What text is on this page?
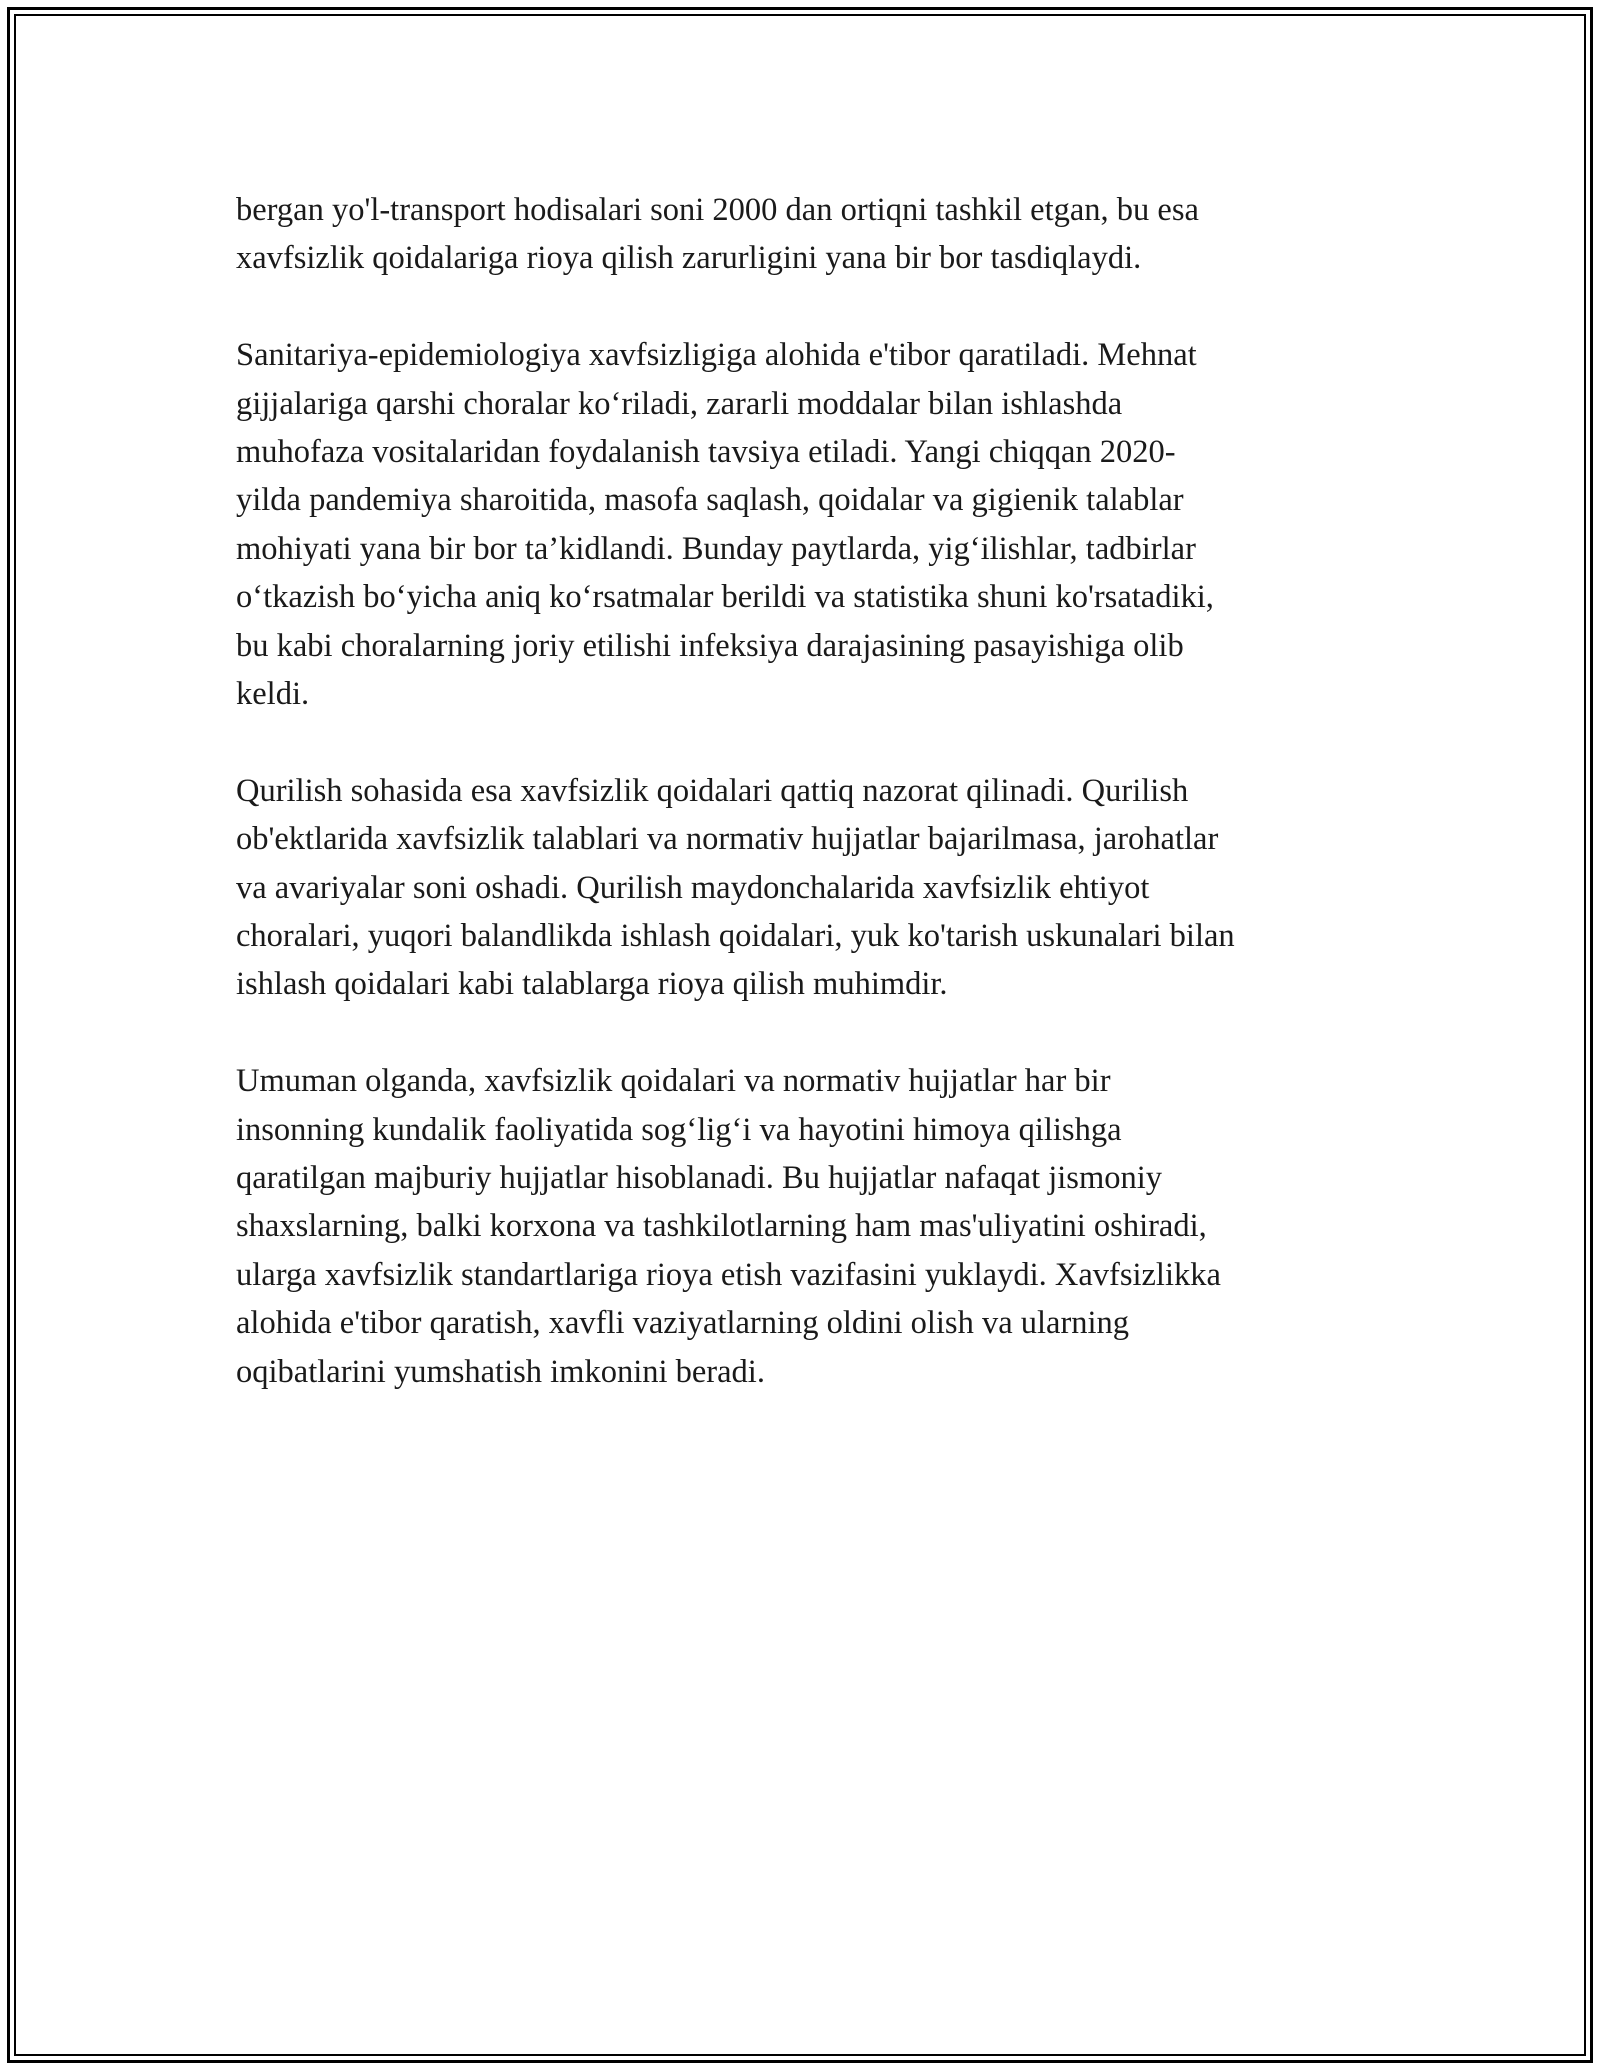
bergan yo'l-transport hodisalari soni 2000 dan ortiqni tashkil etgan, bu esa
xavfsizlik qoidalariga rioya qilish zarurligini yana bir bor tasdiqlaydi.

Sanitariya-epidemiologiya xavfsizligiga alohida e'tibor qaratiladi. Mehnat
gijjalariga qarshi choralar ko‘riladi, zararli moddalar bilan ishlashda
muhofaza vositalaridan foydalanish tavsiya etiladi. Yangi chiqqan 2020-
yilda pandemiya sharoitida, masofa saqlash, qoidalar va gigienik talablar
mohiyati yana bir bor ta’kidlandi. Bunday paytlarda, yig‘ilishlar, tadbirlar
o‘tkazish bo‘yicha aniq ko‘rsatmalar berildi va statistika shuni ko'rsatadiki,
bu kabi choralarning joriy etilishi infeksiya darajasining pasayishiga olib
keldi.

Qurilish sohasida esa xavfsizlik qoidalari qattiq nazorat qilinadi. Qurilish
ob'ektlarida xavfsizlik talablari va normativ hujjatlar bajarilmasa, jarohatlar
va avariyalar soni oshadi. Qurilish maydonchalarida xavfsizlik ehtiyot
choralari, yuqori balandlikda ishlash qoidalari, yuk ko'tarish uskunalari bilan
ishlash qoidalari kabi talablarga rioya qilish muhimdir.

Umuman olganda, xavfsizlik qoidalari va normativ hujjatlar har bir
insonning kundalik faoliyatida sog‘lig‘i va hayotini himoya qilishga
qaratilgan majburiy hujjatlar hisoblanadi. Bu hujjatlar nafaqat jismoniy
shaxslarning, balki korxona va tashkilotlarning ham mas'uliyatini oshiradi,
ularga xavfsizlik standartlariga rioya etish vazifasini yuklaydi. Xavfsizlikka
alohida e'tibor qaratish, xavfli vaziyatlarning oldini olish va ularning
oqibatlarini yumshatish imkonini beradi.
